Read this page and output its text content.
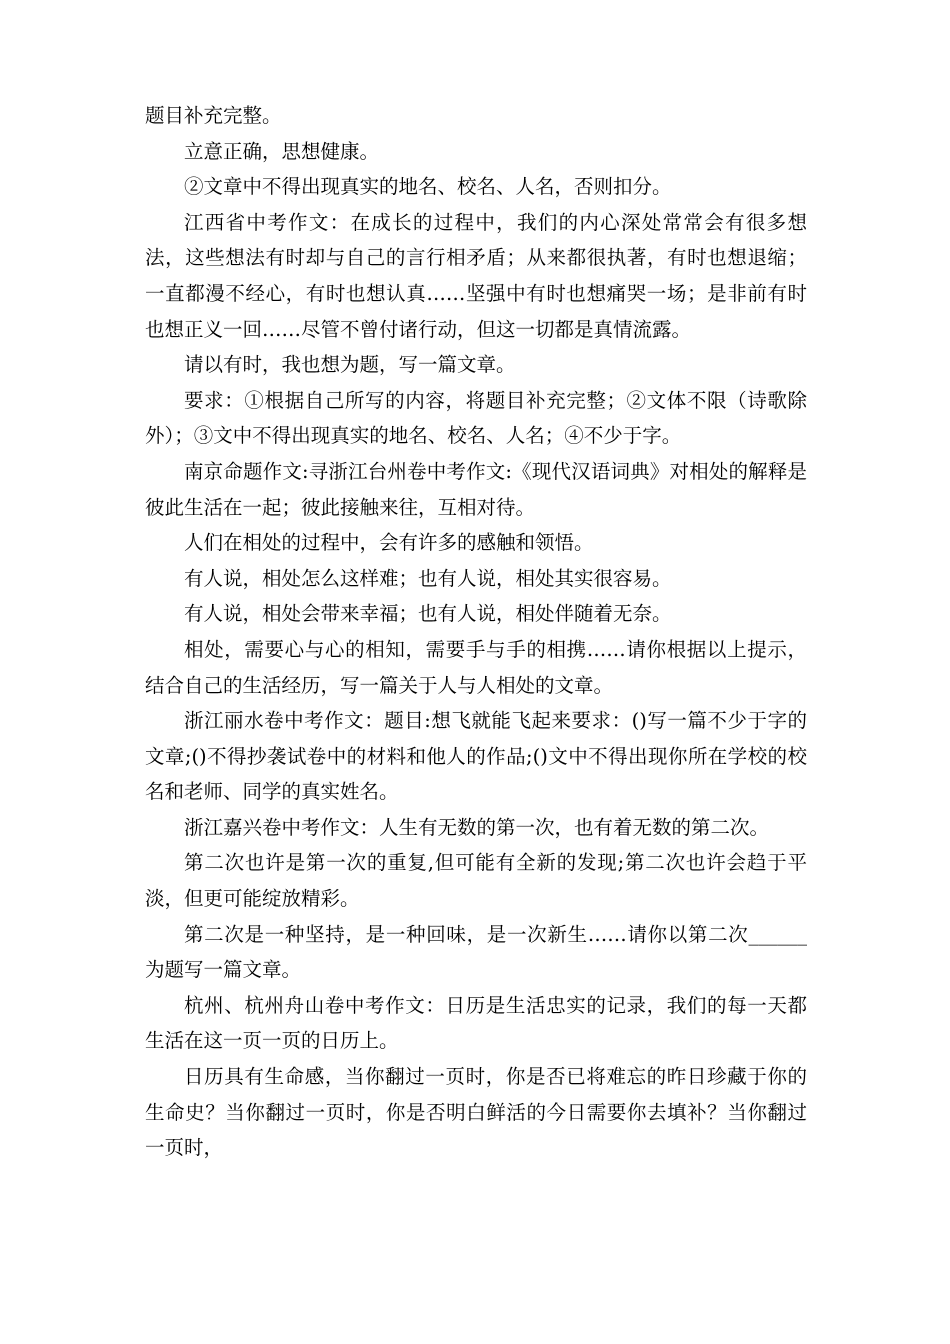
题目补充完整。

立意正确，思想健康。

②文章中不得出现真实的地名、校名、人名，否则扣分。

江西省中考作文：在成长的过程中，我们的内心深处常常会有很多想法，这些想法有时却与自己的言行相矛盾；从来都很执著，有时也想退缩；一直都漫不经心，有时也想认真……坚强中有时也想痛哭一场；是非前有时也想正义一回……尽管不曾付诸行动，但这一切都是真情流露。

请以有时，我也想为题，写一篇文章。

要求：①根据自己所写的内容，将题目补充完整；②文体不限（诗歌除外）；③文中不得出现真实的地名、校名、人名；④不少于字。

南京命题作文:寻浙江台州卷中考作文:《现代汉语词典》对相处的解释是彼此生活在一起；彼此接触来往，互相对待。

人们在相处的过程中，会有许多的感触和领悟。

有人说，相处怎么这样难；也有人说，相处其实很容易。

有人说，相处会带来幸福；也有人说，相处伴随着无奈。

相处，需要心与心的相知，需要手与手的相携……请你根据以上提示，结合自己的生活经历，写一篇关于人与人相处的文章。

浙江丽水卷中考作文：题目:想飞就能飞起来要求：()写一篇不少于字的文章;()不得抄袭试卷中的材料和他人的作品;()文中不得出现你所在学校的校名和老师、同学的真实姓名。

浙江嘉兴卷中考作文：人生有无数的第一次，也有着无数的第二次。

第二次也许是第一次的重复,但可能有全新的发现;第二次也许会趋于平淡，但更可能绽放精彩。

第二次是一种坚持，是一种回味，是一次新生……请你以第二次______为题写一篇文章。

杭州、杭州舟山卷中考作文：日历是生活忠实的记录，我们的每一天都生活在这一页一页的日历上。

日历具有生命感，当你翻过一页时，你是否已将难忘的昨日珍藏于你的生命史？当你翻过一页时，你是否明白鲜活的今日需要你去填补？当你翻过一页时，
